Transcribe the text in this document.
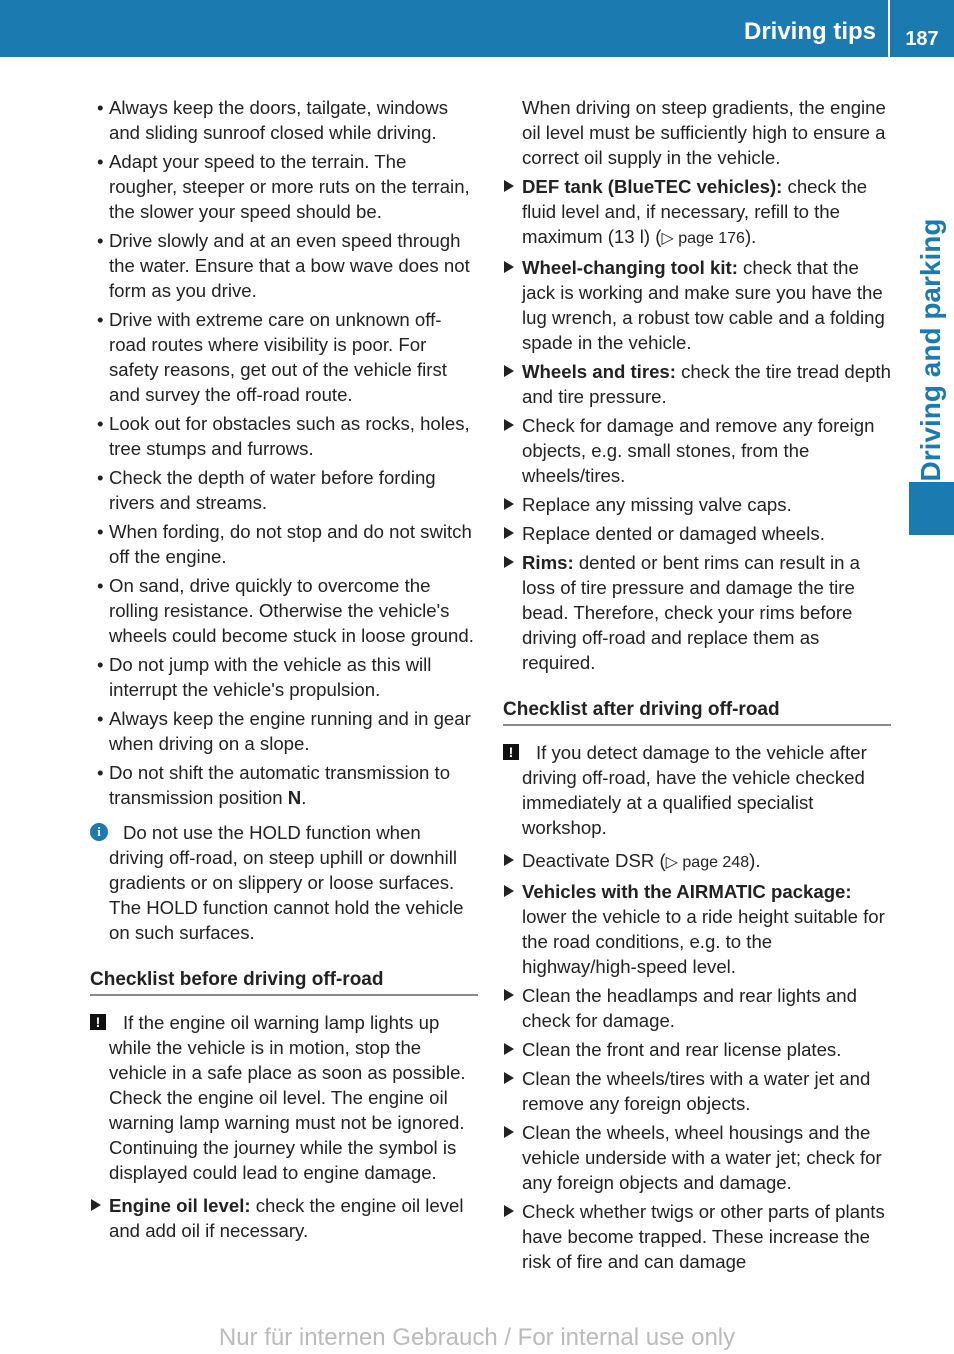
Driving tips	187
Driving and parking
• Always keep the doors, tailgate, windows and sliding sunroof closed while driving.
• Adapt your speed to the terrain. The rougher, steeper or more ruts on the terrain, the slower your speed should be.
• Drive slowly and at an even speed through the water. Ensure that a bow wave does not form as you drive.
• Drive with extreme care on unknown off-road routes where visibility is poor. For safety reasons, get out of the vehicle first and survey the off-road route.
• Look out for obstacles such as rocks, holes, tree stumps and furrows.
• Check the depth of water before fording rivers and streams.
• When fording, do not stop and do not switch off the engine.
• On sand, drive quickly to overcome the rolling resistance. Otherwise the vehicle's wheels could become stuck in loose ground.
• Do not jump with the vehicle as this will interrupt the vehicle's propulsion.
• Always keep the engine running and in gear when driving on a slope.
• Do not shift the automatic transmission to transmission position N.
i	Do not use the HOLD function when driving off-road, on steep uphill or downhill gradients or on slippery or loose surfaces. The HOLD function cannot hold the vehicle on such surfaces.
Checklist before driving off-road
!	If the engine oil warning lamp lights up while the vehicle is in motion, stop the vehicle in a safe place as soon as possible. Check the engine oil level. The engine oil warning lamp warning must not be ignored. Continuing the journey while the symbol is displayed could lead to engine damage.
Engine oil level: check the engine oil level and add oil if necessary.
When driving on steep gradients, the engine oil level must be sufficiently high to ensure a correct oil supply in the vehicle.
DEF tank (BlueTEC vehicles): check the fluid level and, if necessary, refill to the maximum (13 l) (▷ page 176).
Wheel-changing tool kit: check that the jack is working and make sure you have the lug wrench, a robust tow cable and a folding spade in the vehicle.
Wheels and tires: check the tire tread depth and tire pressure.
Check for damage and remove any foreign objects, e.g. small stones, from the wheels/tires.
Replace any missing valve caps.
Replace dented or damaged wheels.
Rims: dented or bent rims can result in a loss of tire pressure and damage the tire bead. Therefore, check your rims before driving off-road and replace them as required.
Checklist after driving off-road
!	If you detect damage to the vehicle after driving off-road, have the vehicle checked immediately at a qualified specialist workshop.
Deactivate DSR (▷ page 248).
Vehicles with the AIRMATIC package: lower the vehicle to a ride height suitable for the road conditions, e.g. to the highway/high-speed level.
Clean the headlamps and rear lights and check for damage.
Clean the front and rear license plates.
Clean the wheels/tires with a water jet and remove any foreign objects.
Clean the wheels, wheel housings and the vehicle underside with a water jet; check for any foreign objects and damage.
Check whether twigs or other parts of plants have become trapped. These increase the risk of fire and can damage
Nur für internen Gebrauch / For internal use only
